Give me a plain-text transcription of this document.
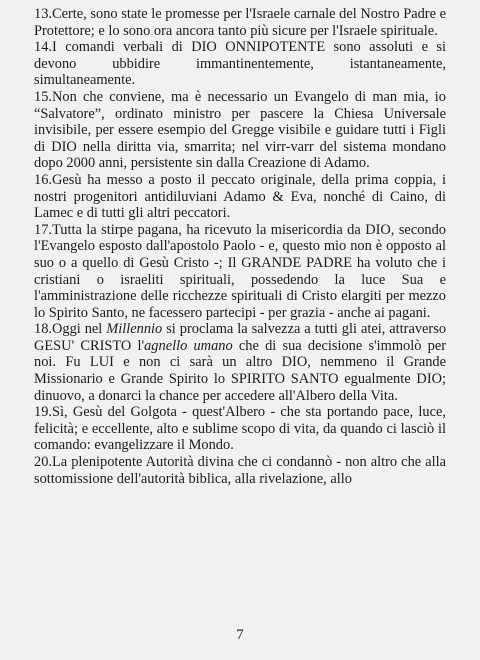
13.Certe, sono state le promesse per l'Israele carnale del Nostro Padre e Protettore; e lo sono ora ancora tanto più sicure per l'Israele spirituale.

14.I comandi verbali di DIO ONNIPOTENTE sono assoluti e si devono ubbidire immantinentemente, istantaneamente, simultaneamente.

15.Non che conviene, ma è necessario un Evangelo di man mia, io “Salvatore”, ordinato ministro per pascere la Chiesa Universale invisibile, per essere esempio del Gregge visibile e guidare tutti i Figli di DIO nella diritta via, smarrita; nel virr-varr del sistema mondano dopo 2000 anni, persistente sin dalla Creazione di Adamo.

16.Gesù ha messo a posto il peccato originale, della prima coppia, i nostri progenitori antidiluviani Adamo & Eva, nonché di Caino, di Lamec e di tutti gli altri peccatori.

17.Tutta la stirpe pagana, ha ricevuto la misericordia da DIO, secondo l'Evangelo esposto dall'apostolo Paolo - e, questo mio non è opposto al suo o a quello di Gesù Cristo -; Il GRANDE PADRE ha voluto che i cristiani o israeliti spirituali, possedendo la luce Sua e l'amministrazione delle ricchezze spirituali di Cristo elargiti per mezzo lo Spirito Santo, ne facessero partecipi - per grazia - anche ai pagani.

18.Oggi nel Millennio si proclama la salvezza a tutti gli atei, attraverso GESU' CRISTO l'agnello umano che di sua decisione s'immolò per noi. Fu LUI e non ci sarà un altro DIO, nemmeno il Grande Missionario e Grande Spirito lo SPIRITO SANTO egualmente DIO; dinuovo, a donarci la chance per accedere all'Albero della Vita.

19.Sì, Gesù del Golgota - quest'Albero - che sta portando pace, luce, felicità; e eccellente, alto e sublime scopo di vita, da quando ci lasciò il comando: evangelizzare il Mondo.

20.La plenipotente Autorità divina che ci condannò - non altro che alla sottomissione dell'autorità biblica, alla rivelazione, allo

7
